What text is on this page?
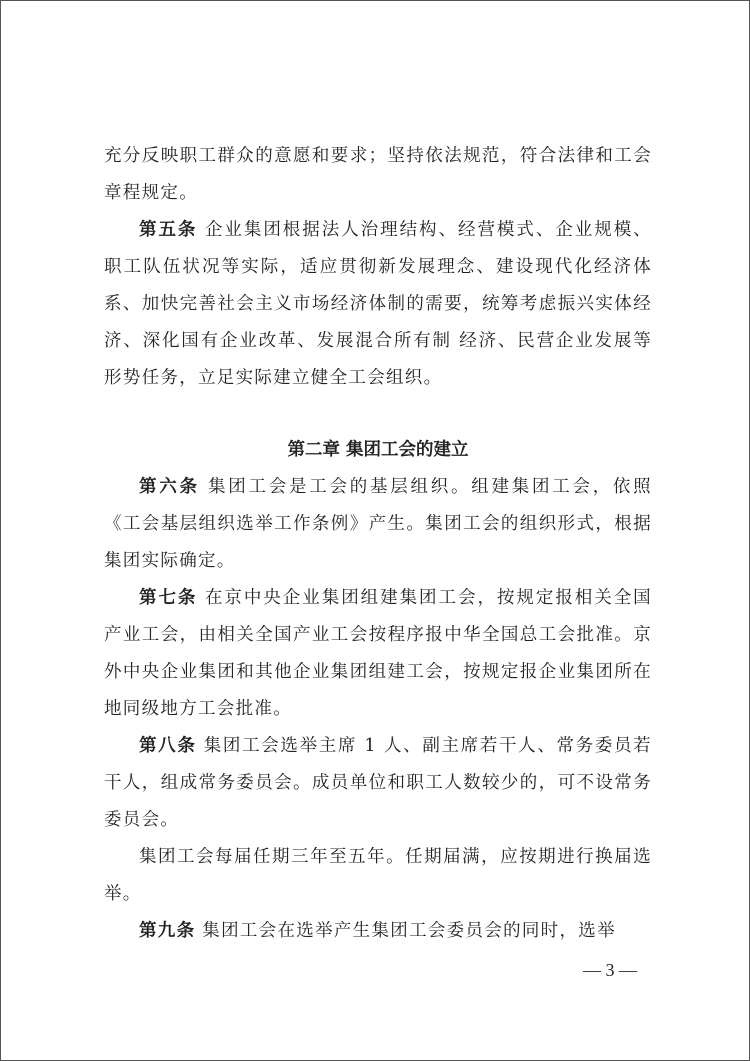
充分反映职工群众的意愿和要求；坚持依法规范，符合法律和工会章程规定。

第五条 企业集团根据法人治理结构、经营模式、企业规模、职工队伍状况等实际，适应贯彻新发展理念、建设现代化经济体系、加快完善社会主义市场经济体制的需要，统筹考虑振兴实体经济、深化国有企业改革、发展混合所有制 经济、民营企业发展等形势任务，立足实际建立健全工会组织。

第二章 集团工会的建立

第六条 集团工会是工会的基层组织。组建集团工会，依照《工会基层组织选举工作条例》产生。集团工会的组织形式，根据集团实际确定。

第七条 在京中央企业集团组建集团工会，按规定报相关全国产业工会，由相关全国产业工会按程序报中华全国总工会批准。京外中央企业集团和其他企业集团组建工会，按规定报企业集团所在地同级地方工会批准。

第八条 集团工会选举主席 1 人、副主席若干人、常务委员若干人，组成常务委员会。成员单位和职工人数较少的，可不设常务委员会。

集团工会每届任期三年至五年。任期届满，应按期进行换届选举。

第九条 集团工会在选举产生集团工会委员会的同时，选举

— 3 —
